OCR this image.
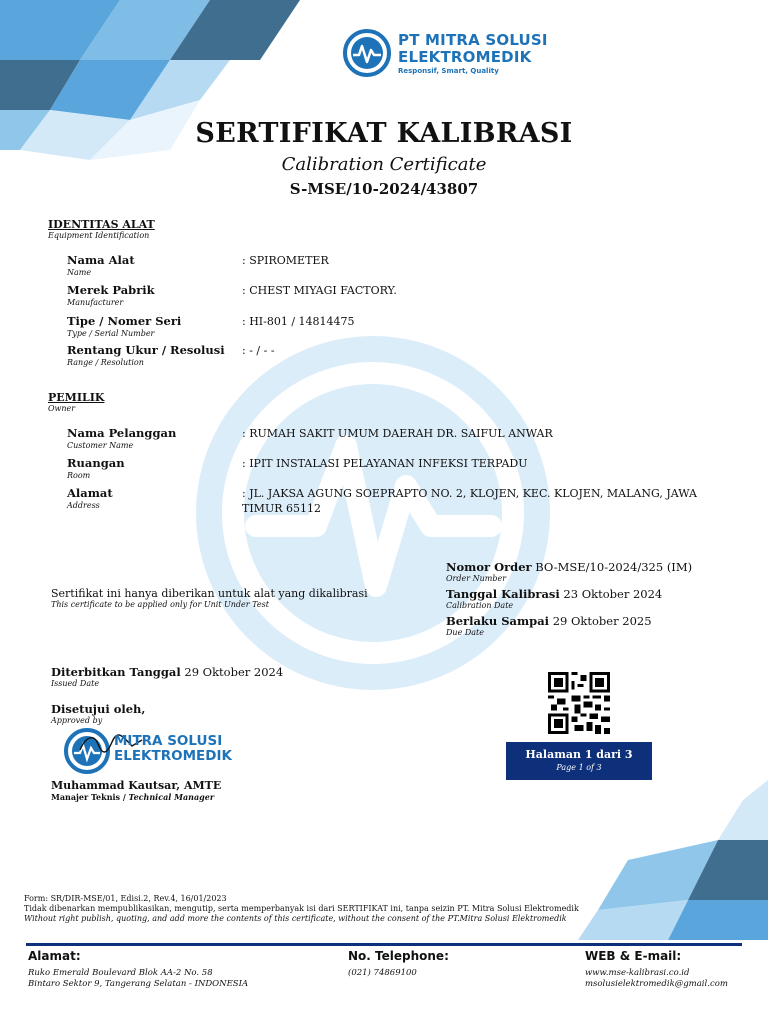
PT MITRA SOLUSI
ELEKTROMEDIK
Responsif, Smart, Quality
SERTIFIKAT KALIBRASI
Calibration Certificate
S-MSE/10-2024/43807
IDENTITAS ALAT
Equipment Identification
Nama Alat
Name
: SPIROMETER
Merek Pabrik
Manufacturer
: CHEST MIYAGI FACTORY.
Tipe / Nomer Seri
Type / Serial Number
: HI-801 / 14814475
Rentang Ukur / Resolusi
Range / Resolution
: - / - -
PEMILIK
Owner
Nama Pelanggan
Customer Name
: RUMAH SAKIT UMUM DAERAH DR. SAIFUL ANWAR
Ruangan
Room
: IPIT INSTALASI PELAYANAN INFEKSI TERPADU
Alamat
Address
: JL. JAKSA AGUNG SOEPRAPTO NO. 2, KLOJEN, KEC. KLOJEN, MALANG, JAWA TIMUR 65112
Nomor Order BO-MSE/10-2024/325 (IM)
Order Number
Tanggal Kalibrasi 23 Oktober 2024
Calibration Date
Berlaku Sampai 29 Oktober 2025
Due Date
Sertifikat ini hanya diberikan untuk alat yang dikalibrasi
This certificate to be applied only for Unit Under Test
Diterbitkan Tanggal 29 Oktober 2024
Issued Date
Disetujui oleh,
Approved by
MITRA SOLUSI
ELEKTROMEDIK
Muhammad Kautsar, AMTE
Manajer Teknis / Technical Manager
Halaman 1 dari 3
Page 1 of 3
Form: SR/DIR-MSE/01, Edisi.2, Rev.4, 16/01/2023
Tidak dibenarkan mempublikasikan, mengutip, serta memperbanyak isi dari SERTIFIKAT ini, tanpa seizin PT. Mitra Solusi Elektromedik
Without right publish, quoting, and add more the contents of this certificate, without the consent of the PT.Mitra Solusi Elektromedik
Alamat:
Ruko Emerald Boulevard Blok AA-2 No. 58
Bintaro Sektor 9, Tangerang Selatan - INDONESIA
No. Telephone:
(021) 74869100
WEB & E-mail:
www.mse-kalibrasi.co.id
msolusielektromedik@gmail.com
